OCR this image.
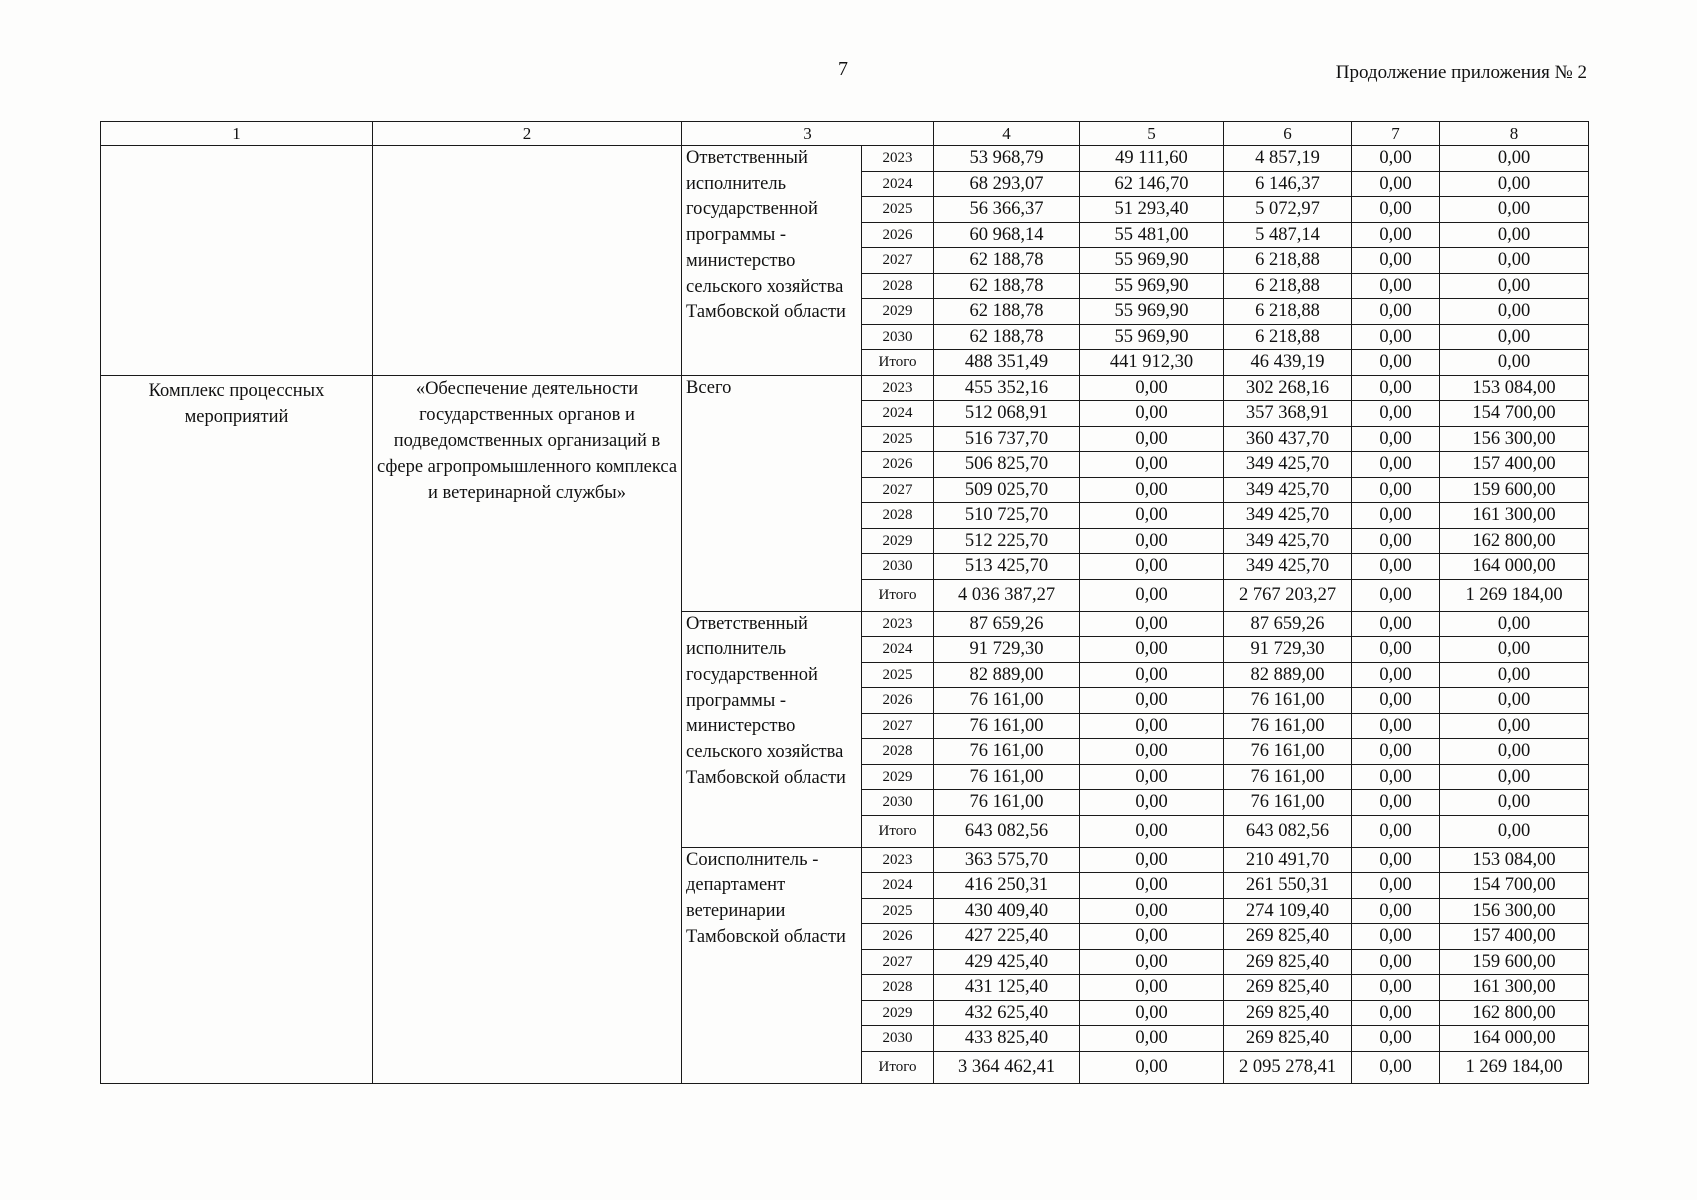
7	Продолжение приложения № 2
1	2	3		4	5	6	7	8

		Ответственный исполнитель государственной программы - министерство сельского хозяйства Тамбовской области	2023	53 968,79	49 111,60	4 857,19	0,00	0,00
			2024	68 293,07	62 146,70	6 146,37	0,00	0,00
			2025	56 366,37	51 293,40	5 072,97	0,00	0,00
			2026	60 968,14	55 481,00	5 487,14	0,00	0,00
			2027	62 188,78	55 969,90	6 218,88	0,00	0,00
			2028	62 188,78	55 969,90	6 218,88	0,00	0,00
			2029	62 188,78	55 969,90	6 218,88	0,00	0,00
			2030	62 188,78	55 969,90	6 218,88	0,00	0,00
			Итого	488 351,49	441 912,30	46 439,19	0,00	0,00

Комплекс процессных мероприятий	«Обеспечение деятельности государственных органов и подведомственных организаций в сфере агропромышленного комплекса и ветеринарной службы»	Всего	2023	455 352,16	0,00	302 268,16	0,00	153 084,00
			2024	512 068,91	0,00	357 368,91	0,00	154 700,00
			2025	516 737,70	0,00	360 437,70	0,00	156 300,00
			2026	506 825,70	0,00	349 425,70	0,00	157 400,00
			2027	509 025,70	0,00	349 425,70	0,00	159 600,00
			2028	510 725,70	0,00	349 425,70	0,00	161 300,00
			2029	512 225,70	0,00	349 425,70	0,00	162 800,00
			2030	513 425,70	0,00	349 425,70	0,00	164 000,00
			Итого	4 036 387,27	0,00	2 767 203,27	0,00	1 269 184,00
		Ответственный исполнитель государственной программы - министерство сельского хозяйства Тамбовской области	2023	87 659,26	0,00	87 659,26	0,00	0,00
			2024	91 729,30	0,00	91 729,30	0,00	0,00
			2025	82 889,00	0,00	82 889,00	0,00	0,00
			2026	76 161,00	0,00	76 161,00	0,00	0,00
			2027	76 161,00	0,00	76 161,00	0,00	0,00
			2028	76 161,00	0,00	76 161,00	0,00	0,00
			2029	76 161,00	0,00	76 161,00	0,00	0,00
			2030	76 161,00	0,00	76 161,00	0,00	0,00
			Итого	643 082,56	0,00	643 082,56	0,00	0,00
		Соисполнитель - департамент ветеринарии Тамбовской области	2023	363 575,70	0,00	210 491,70	0,00	153 084,00
			2024	416 250,31	0,00	261 550,31	0,00	154 700,00
			2025	430 409,40	0,00	274 109,40	0,00	156 300,00
			2026	427 225,40	0,00	269 825,40	0,00	157 400,00
			2027	429 425,40	0,00	269 825,40	0,00	159 600,00
			2028	431 125,40	0,00	269 825,40	0,00	161 300,00
			2029	432 625,40	0,00	269 825,40	0,00	162 800,00
			2030	433 825,40	0,00	269 825,40	0,00	164 000,00
			Итого	3 364 462,41	0,00	2 095 278,41	0,00	1 269 184,00
